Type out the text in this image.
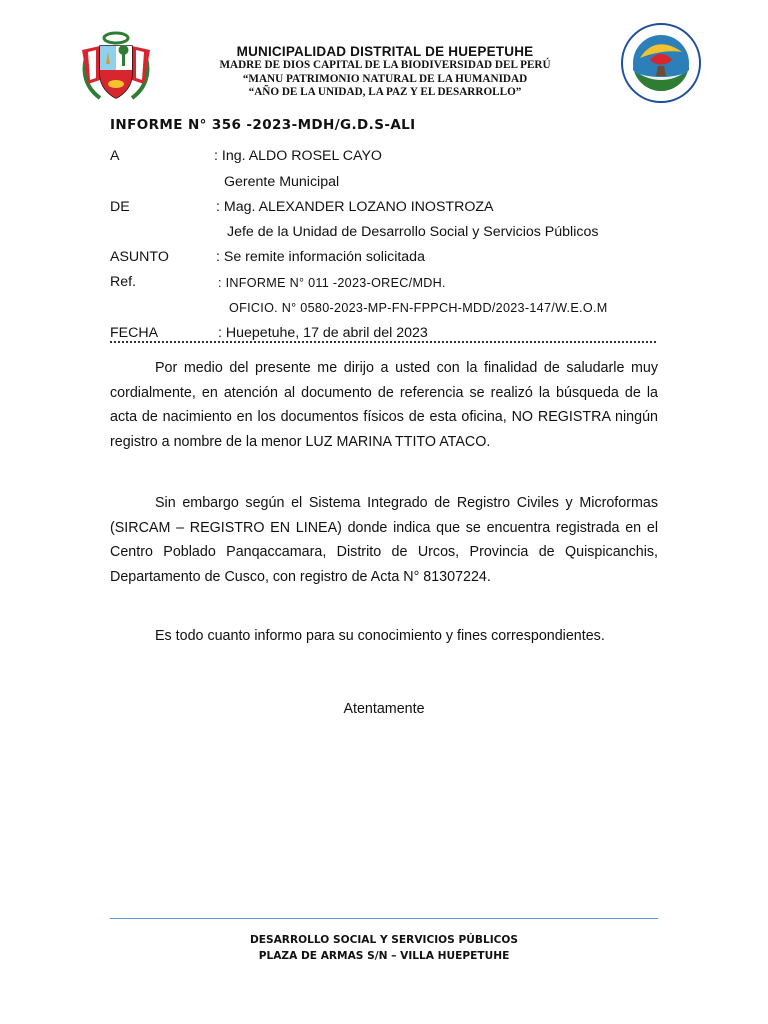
MUNICIPALIDAD DISTRITAL DE HUEPETUHE
MADRE DE DIOS CAPITAL DE LA BIODIVERSIDAD DEL PERÚ
“MANU PATRIMONIO NATURAL DE LA HUMANIDAD
“AÑO DE LA UNIDAD, LA PAZ Y EL DESARROLLO”
INFORME N° 356 -2023-MDH/G.D.S-ALI
A	: Ing. ALDO ROSEL CAYO
Gerente Municipal
DE	: Mag. ALEXANDER LOZANO INOSTROZA
Jefe de la Unidad de Desarrollo Social y Servicios Públicos
ASUNTO	: Se remite información solicitada
Ref.	: INFORME N° 011 -2023-OREC/MDH.
OFICIO. N° 0580-2023-MP-FN-FPPCH-MDD/2023-147/W.E.O.M
FECHA	: Huepetuhe, 17 de abril del 2023

Por medio del presente me dirijo a usted con la finalidad de saludarle muy cordialmente, en atención al documento de referencia se realizó la búsqueda de la acta de nacimiento en los documentos físicos de esta oficina, NO REGISTRA ningún registro a nombre de la menor LUZ MARINA TTITO ATACO.

Sin embargo según el Sistema Integrado de Registro Civiles y Microformas (SIRCAM – REGISTRO EN LINEA) donde indica que se encuentra registrada en el Centro Poblado Panqaccamara, Distrito de Urcos, Provincia de Quispicanchis, Departamento de Cusco, con registro de Acta N° 81307224.

Es todo cuanto informo para su conocimiento y fines correspondientes.

Atentamente
DESARROLLO SOCIAL Y SERVICIOS PÚBLICOS
PLAZA DE ARMAS S/N – VILLA HUEPETUHE
